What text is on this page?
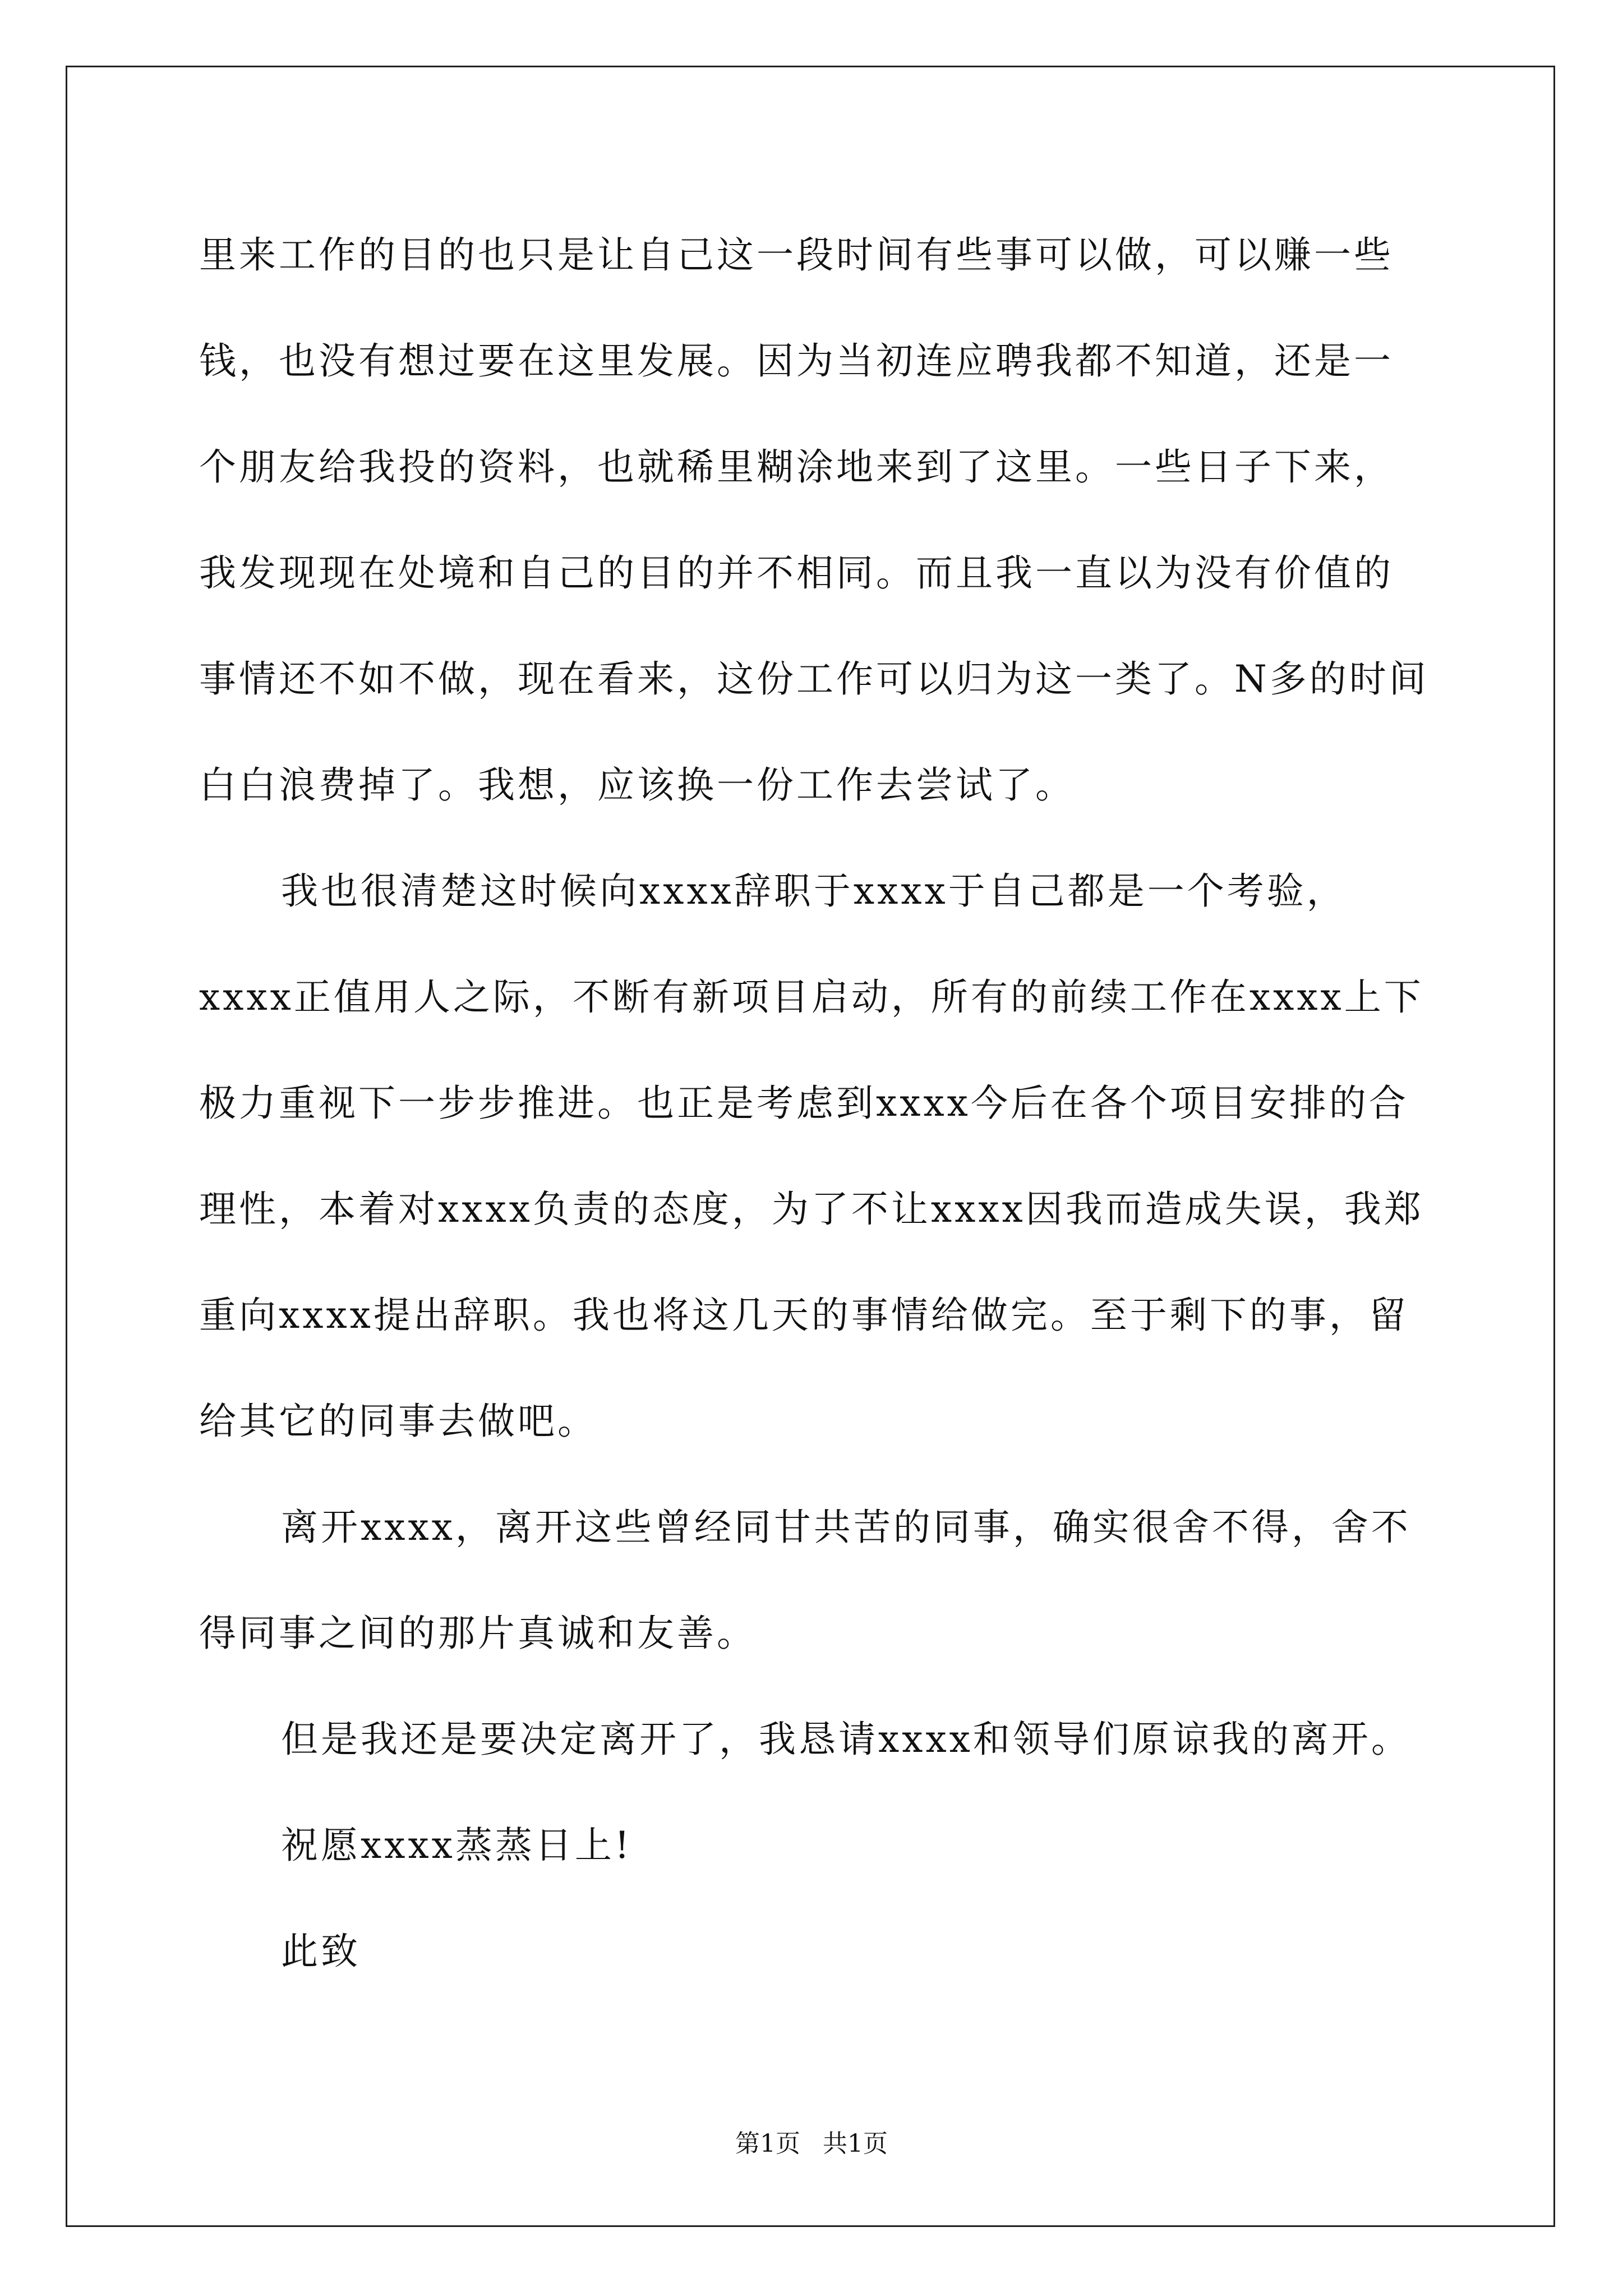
里来工作的目的也只是让自己这一段时间有些事可以做，可以赚一些钱，也没有想过要在这里发展。因为当初连应聘我都不知道，还是一个朋友给我投的资料，也就稀里糊涂地来到了这里。一些日子下来，我发现现在处境和自己的目的并不相同。而且我一直以为没有价值的事情还不如不做，现在看来，这份工作可以归为这一类了。N多的时间白白浪费掉了。我想，应该换一份工作去尝试了。

我也很清楚这时候向xxxx辞职于xxxx于自己都是一个考验，xxxx正值用人之际，不断有新项目启动，所有的前续工作在xxxx上下极力重视下一步步推进。也正是考虑到xxxx今后在各个项目安排的合理性，本着对xxxx负责的态度，为了不让xxxx因我而造成失误，我郑重向xxxx提出辞职。我也将这几天的事情给做完。至于剩下的事，留给其它的同事去做吧。

离开xxxx，离开这些曾经同甘共苦的同事，确实很舍不得，舍不得同事之间的那片真诚和友善。

但是我还是要决定离开了，我恳请xxxx和领导们原谅我的离开。

祝愿xxxx蒸蒸日上!

此致

第1页 共1页
